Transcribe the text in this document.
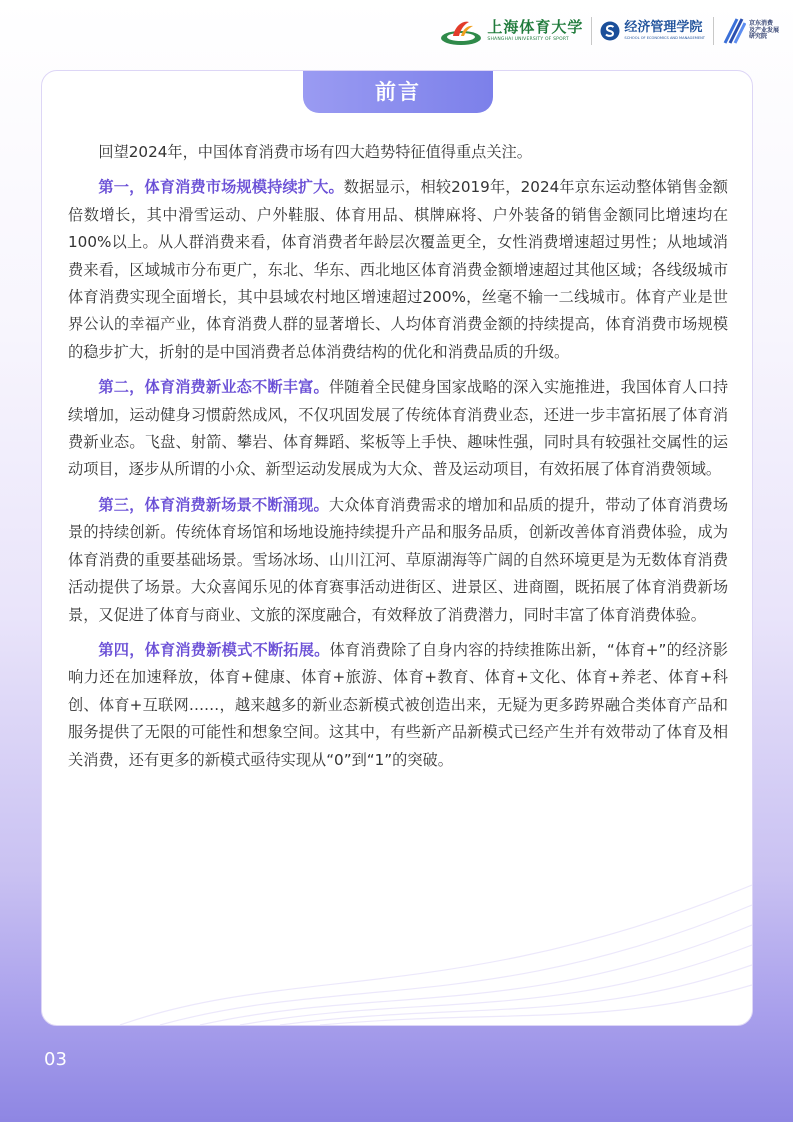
上海体育大学
SHANGHAI UNIVERSITY OF SPORT
经济管理学院
SCHOOL OF ECONOMICS AND MANAGEMENT
京东消费
及产业发展
研究院
前言

回望2024年，中国体育消费市场有四大趋势特征值得重点关注。

第一，体育消费市场规模持续扩大。数据显示，相较2019年，2024年京东运动整体销售金额倍数增长，其中滑雪运动、户外鞋服、体育用品、棋牌麻将、户外装备的销售金额同比增速均在100%以上。从人群消费来看，体育消费者年龄层次覆盖更全，女性消费增速超过男性；从地域消费来看，区域城市分布更广，东北、华东、西北地区体育消费金额增速超过其他区域；各线级城市体育消费实现全面增长，其中县域农村地区增速超过200%，丝毫不输一二线城市。体育产业是世界公认的幸福产业，体育消费人群的显著增长、人均体育消费金额的持续提高，体育消费市场规模的稳步扩大，折射的是中国消费者总体消费结构的优化和消费品质的升级。

第二，体育消费新业态不断丰富。伴随着全民健身国家战略的深入实施推进，我国体育人口持续增加，运动健身习惯蔚然成风，不仅巩固发展了传统体育消费业态，还进一步丰富拓展了体育消费新业态。飞盘、射箭、攀岩、体育舞蹈、桨板等上手快、趣味性强，同时具有较强社交属性的运动项目，逐步从所谓的小众、新型运动发展成为大众、普及运动项目，有效拓展了体育消费领域。

第三，体育消费新场景不断涌现。大众体育消费需求的增加和品质的提升，带动了体育消费场景的持续创新。传统体育场馆和场地设施持续提升产品和服务品质，创新改善体育消费体验，成为体育消费的重要基础场景。雪场冰场、山川江河、草原湖海等广阔的自然环境更是为无数体育消费活动提供了场景。大众喜闻乐见的体育赛事活动进街区、进景区、进商圈，既拓展了体育消费新场景，又促进了体育与商业、文旅的深度融合，有效释放了消费潜力，同时丰富了体育消费体验。

第四，体育消费新模式不断拓展。体育消费除了自身内容的持续推陈出新，“体育+”的经济影响力还在加速释放，体育+健康、体育+旅游、体育+教育、体育+文化、体育+养老、体育+科创、体育+互联网……，越来越多的新业态新模式被创造出来，无疑为更多跨界融合类体育产品和服务提供了无限的可能性和想象空间。这其中，有些新产品新模式已经产生并有效带动了体育及相关消费，还有更多的新模式亟待实现从“0”到“1”的突破。

03
